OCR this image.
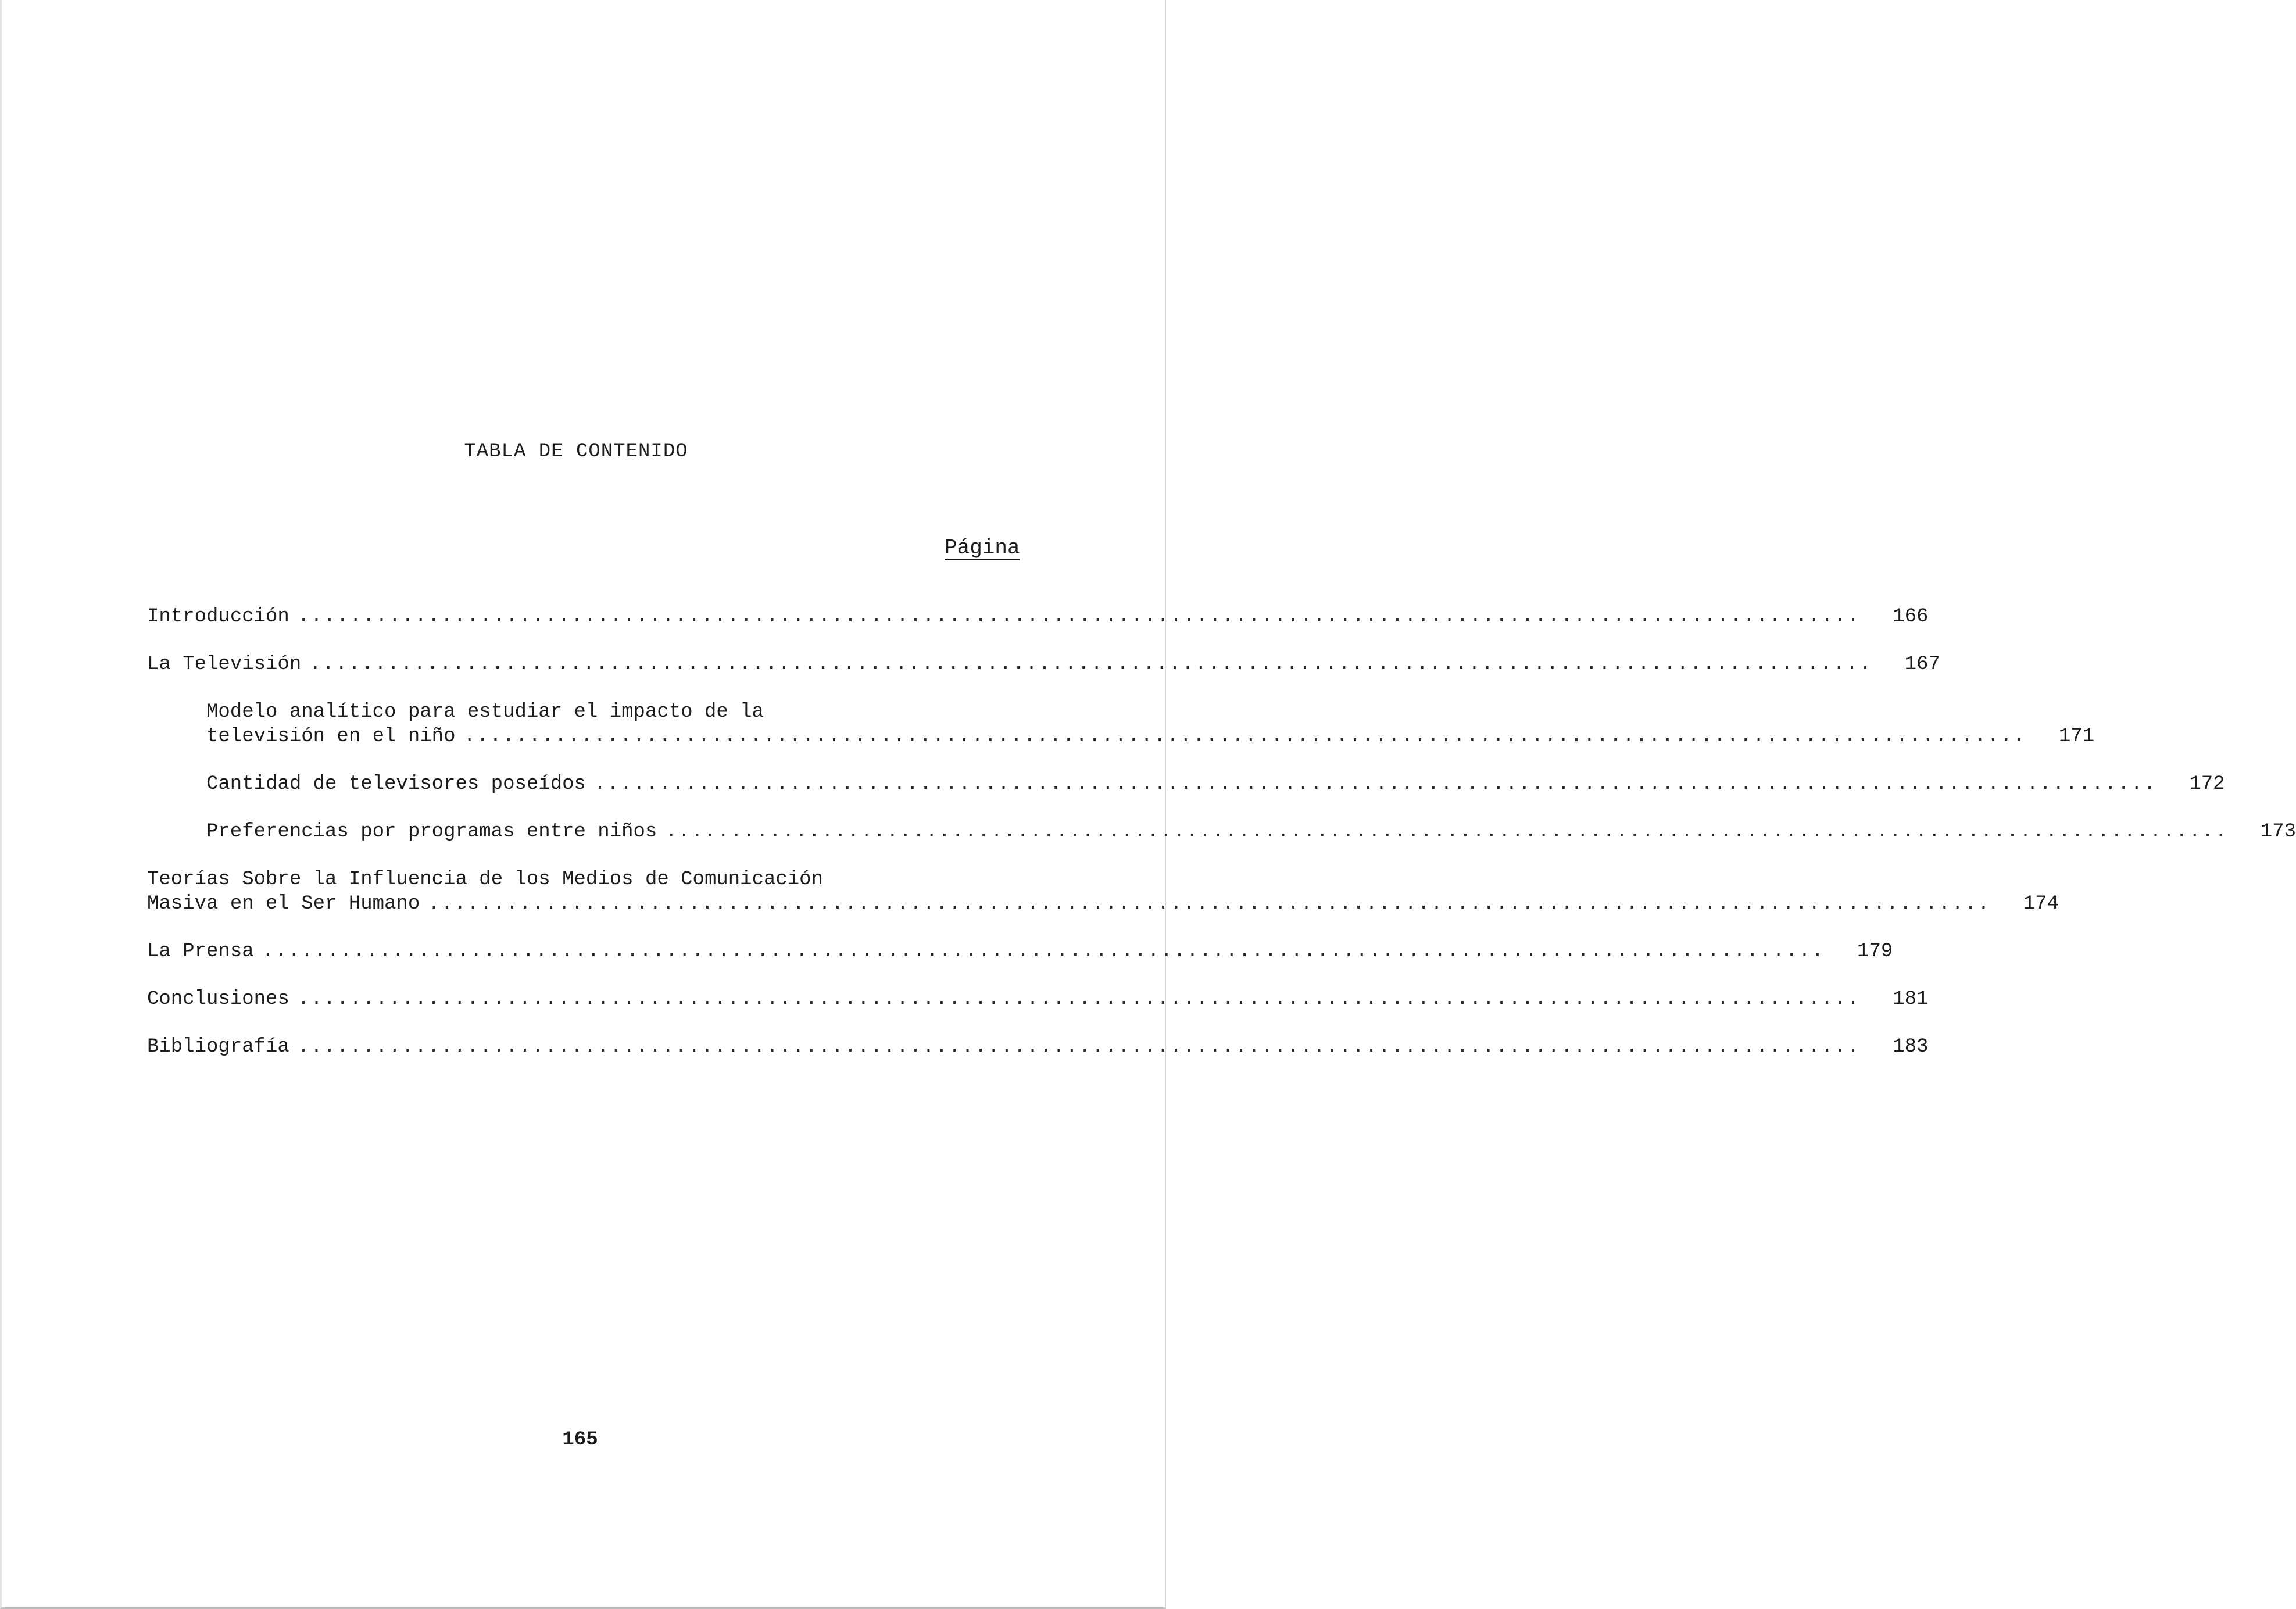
TABLA DE CONTENIDO
Página
Introducción ........................................................................................................................ 166
La Televisión ........................................................................................................................ 167
Modelo analítico para estudiar el impacto de la
televisión en el niño ........................................................................................................................ 171
Cantidad de televisores poseídos ........................................................................................................................ 172
Preferencias por programas entre niños ........................................................................................................................ 173
Teorías Sobre la Influencia de los Medios de Comunicación
Masiva en el Ser Humano ........................................................................................................................ 174
La Prensa ........................................................................................................................ 179
Conclusiones ........................................................................................................................ 181
Bibliografía ........................................................................................................................ 183
165
